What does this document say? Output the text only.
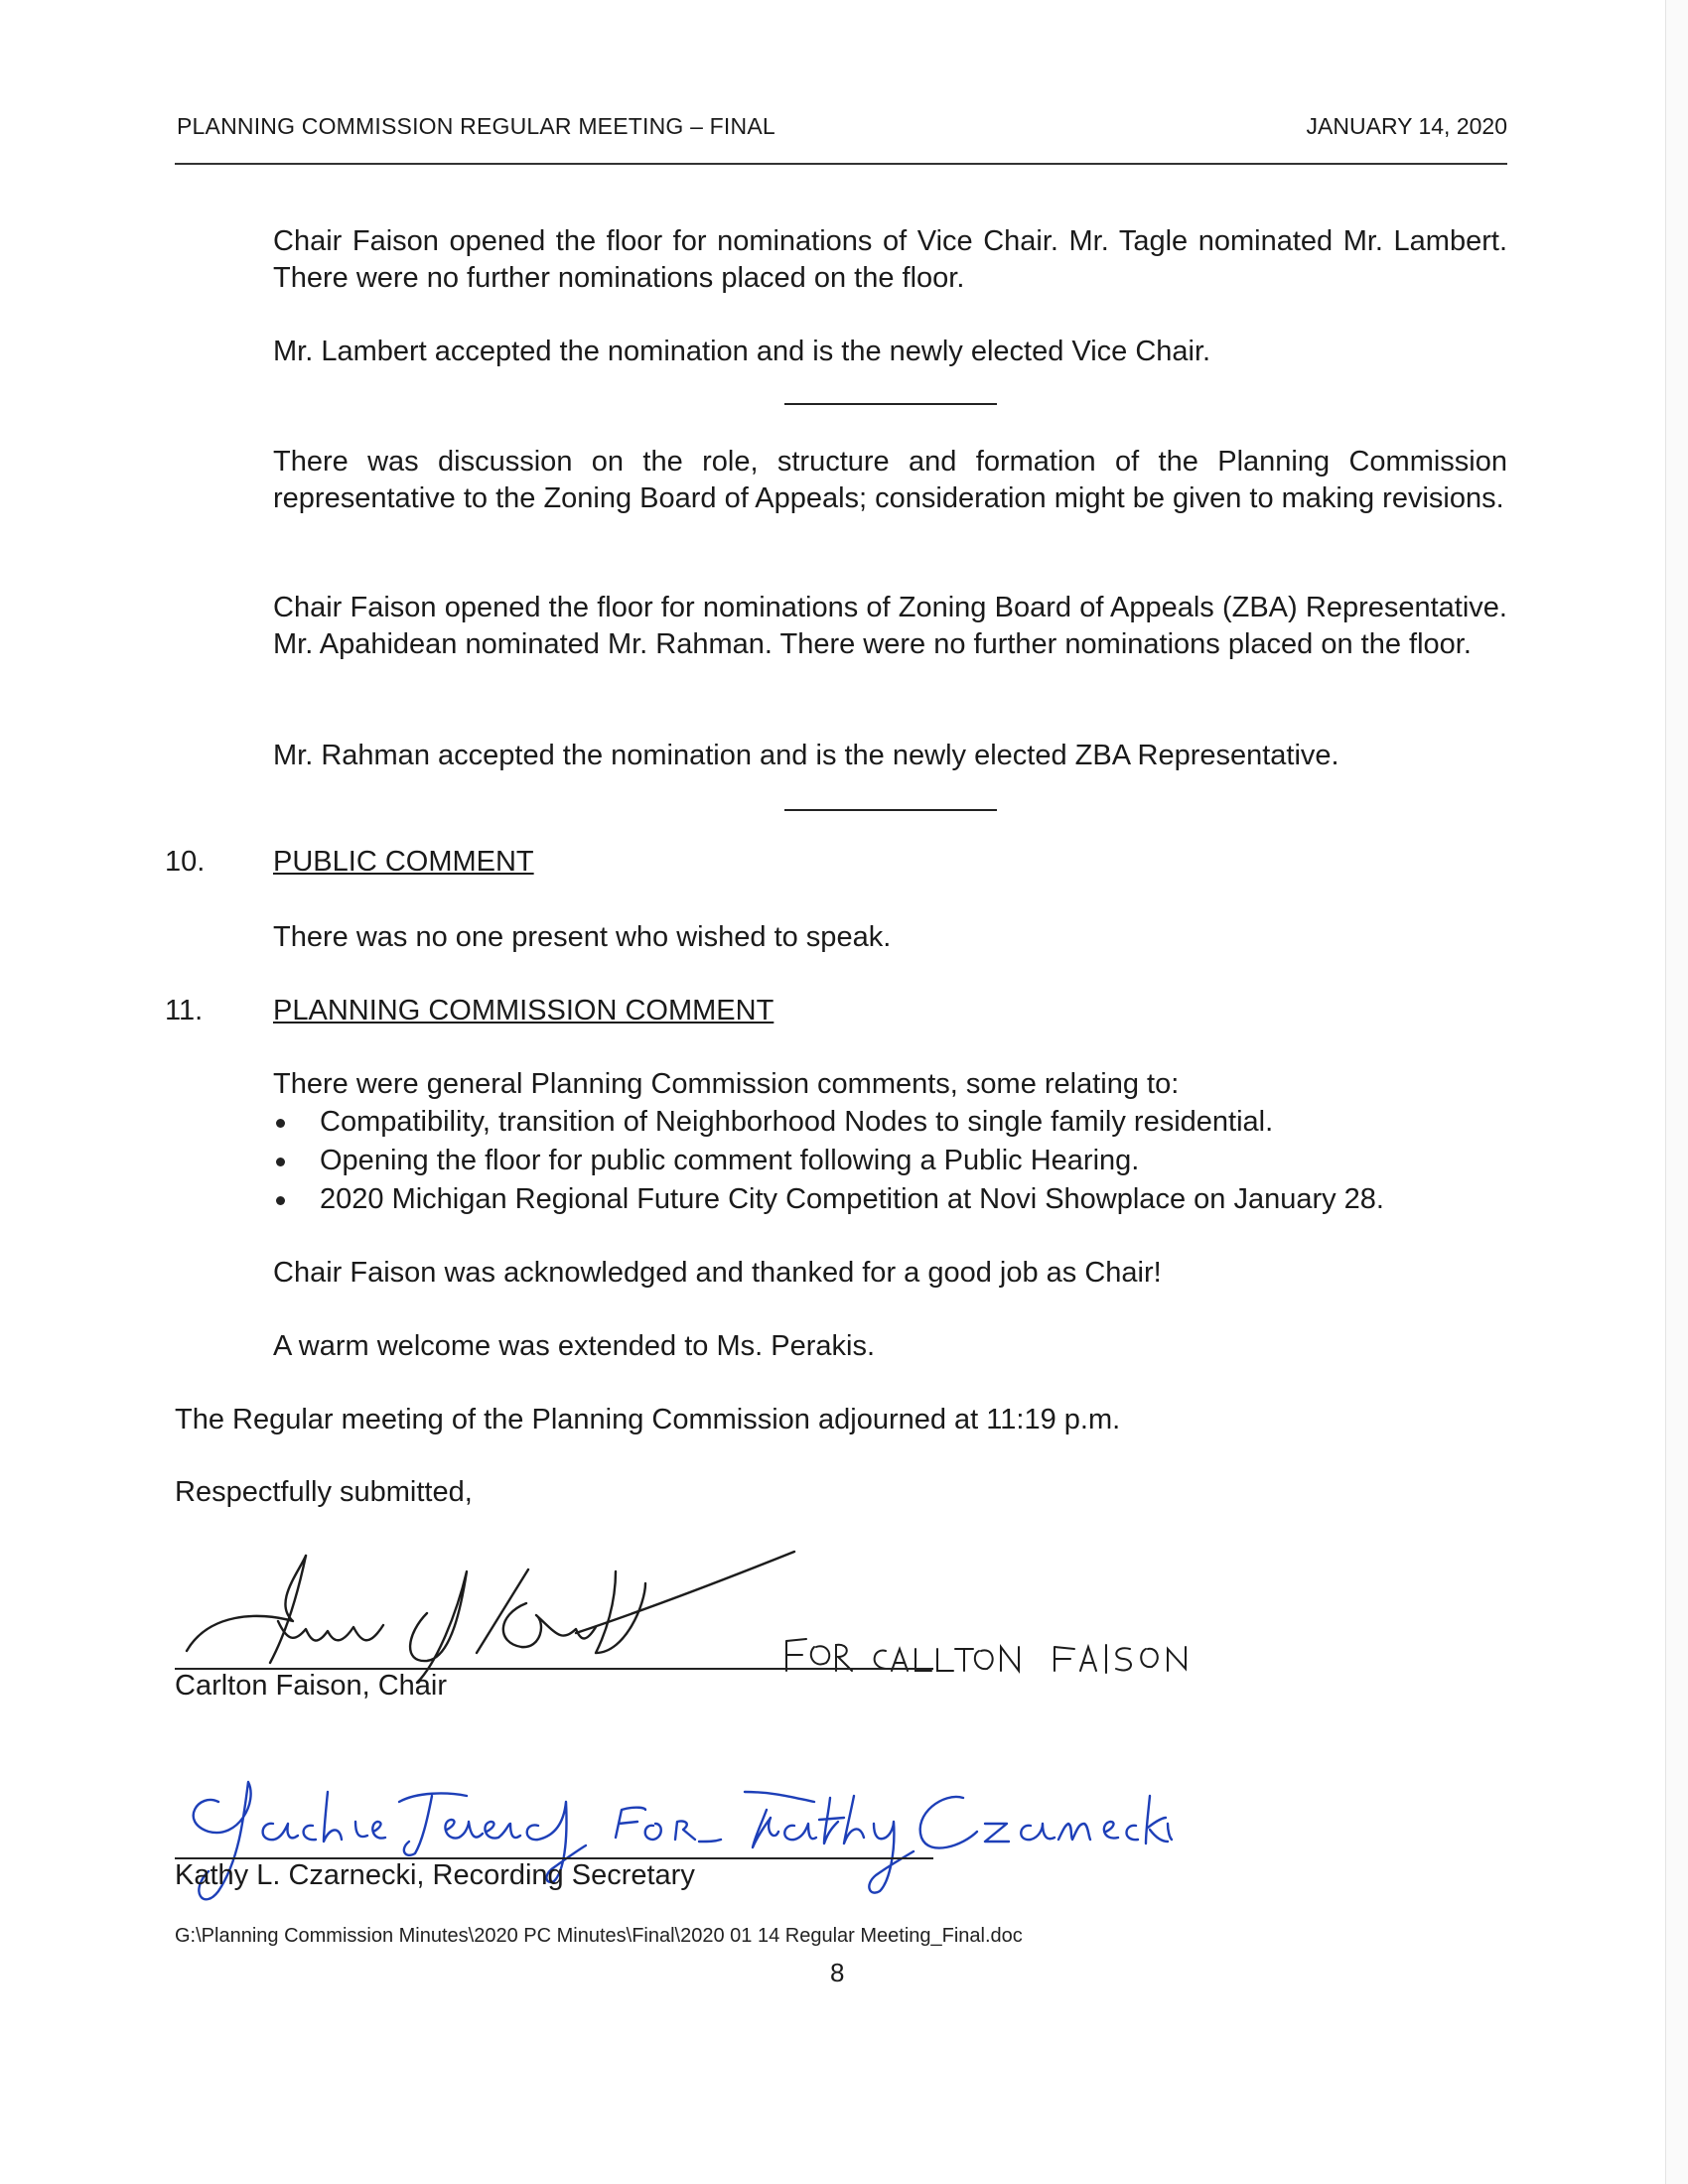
PLANNING COMMISSION REGULAR MEETING – FINAL	JANUARY 14, 2020

Chair Faison opened the floor for nominations of Vice Chair. Mr. Tagle nominated Mr. Lambert. There were no further nominations placed on the floor.

Mr. Lambert accepted the nomination and is the newly elected Vice Chair.

There was discussion on the role, structure and formation of the Planning Commission representative to the Zoning Board of Appeals; consideration might be given to making revisions.

Chair Faison opened the floor for nominations of Zoning Board of Appeals (ZBA) Representative. Mr. Apahidean nominated Mr. Rahman. There were no further nominations placed on the floor.

Mr. Rahman accepted the nomination and is the newly elected ZBA Representative.

10. PUBLIC COMMENT

There was no one present who wished to speak.

11. PLANNING COMMISSION COMMENT

There were general Planning Commission comments, some relating to:

Compatibility, transition of Neighborhood Nodes to single family residential.
Opening the floor for public comment following a Public Hearing.
2020 Michigan Regional Future City Competition at Novi Showplace on January 28.

Chair Faison was acknowledged and thanked for a good job as Chair!

A warm welcome was extended to Ms. Perakis.

The Regular meeting of the Planning Commission adjourned at 11:19 p.m.

Respectfully submitted,

Carlton Faison, Chair
Kathy L. Czarnecki, Recording Secretary
G:\Planning Commission Minutes\2020 PC Minutes\Final\2020 01 14 Regular Meeting_Final.doc
8
